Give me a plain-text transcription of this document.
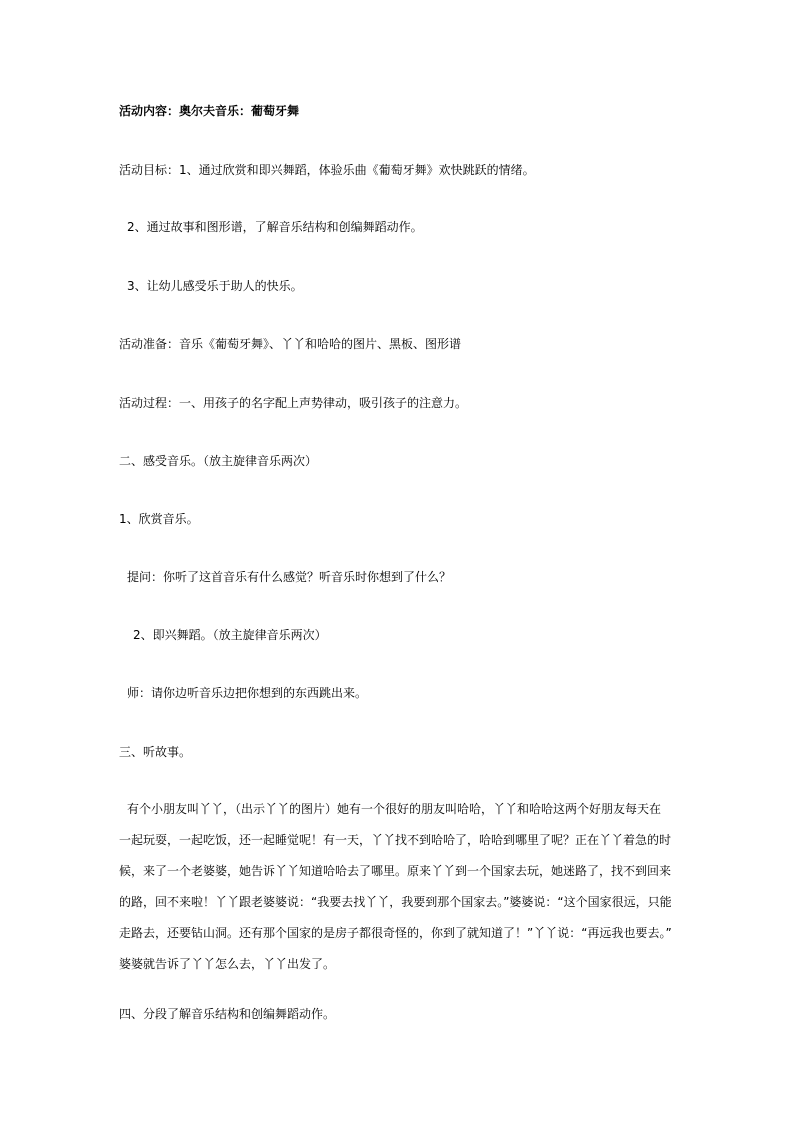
活动内容：奥尔夫音乐：葡萄牙舞
活动目标：1、通过欣赏和即兴舞蹈，体验乐曲《葡萄牙舞》欢快跳跃的情绪。
2、通过故事和图形谱，了解音乐结构和创编舞蹈动作。
3、让幼儿感受乐于助人的快乐。
活动准备：音乐《葡萄牙舞》、丫丫和哈哈的图片、黑板、图形谱
活动过程：一、用孩子的名字配上声势律动，吸引孩子的注意力。
二、感受音乐。（放主旋律音乐两次）
1、欣赏音乐。
提问：你听了这首音乐有什么感觉？听音乐时你想到了什么？
2、即兴舞蹈。（放主旋律音乐两次）
师：请你边听音乐边把你想到的东西跳出来。
三、听故事。
有个小朋友叫丫丫，（出示丫丫的图片）她有一个很好的朋友叫哈哈，丫丫和哈哈这两个好朋友每天在
一起玩耍，一起吃饭，还一起睡觉呢！有一天，丫丫找不到哈哈了，哈哈到哪里了呢？正在丫丫着急的时
候，来了一个老婆婆，她告诉丫丫知道哈哈去了哪里。原来丫丫到一个国家去玩，她迷路了，找不到回来
的路，回不来啦！丫丫跟老婆婆说：“我要去找丫丫，我要到那个国家去。”婆婆说：“这个国家很远，只能
走路去，还要钻山洞。还有那个国家的是房子都很奇怪的，你到了就知道了！”丫丫说：“再远我也要去。”
婆婆就告诉了丫丫怎么去，丫丫出发了。
四、分段了解音乐结构和创编舞蹈动作。
